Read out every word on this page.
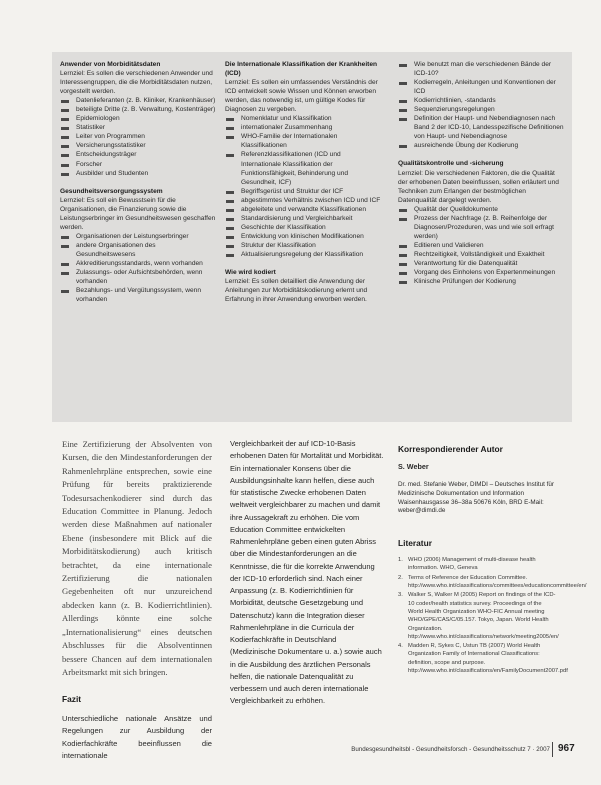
Anwender von Morbiditätsdaten
Lernziel: Es sollen die verschiedenen Anwender und Interessengruppen, die die Morbiditätsdaten nutzen, vorgestellt werden.
Datenlieferanten (z. B. Kliniker, Krankenhäuser)
beteiligte Dritte (z. B. Verwaltung, Kostenträger)
Epidemiologen
Statistiker
Leiter von Programmen
Versicherungsstatistiker
Entscheidungsträger
Forscher
Ausbilder und Studenten
Gesundheitsversorgungssystem
Lernziel: Es soll ein Bewusstsein für die Organisationen, die Finanzierung sowie die Leistungserbringer im Gesundheitswesen geschaffen werden.
Organisationen der Leistungserbringer
andere Organisationen des Gesundheitswesens
Akkreditierungsstandards, wenn vorhanden
Zulassungs- oder Aufsichtsbehörden, wenn vorhanden
Bezahlungs- und Vergütungssystem, wenn vorhanden
Die Internationale Klassifikation der Krankheiten (ICD)
Lernziel: Es sollen ein umfassendes Verständnis der ICD entwickelt sowie Wissen und Können erworben werden, das notwendig ist, um gültige Kodes für Diagnosen zu vergeben.
Nomenklatur und Klassifikation
internationaler Zusammenhang
WHO-Familie der Internationalen Klassifikationen
Referenzklassifikationen (ICD und Internationale Klassifikation der Funktionsfähigkeit, Behinderung und Gesundheit, ICF)
Begriffsgerüst und Struktur der ICF
abgestimmtes Verhältnis zwischen ICD und ICF
abgeleitete und verwandte Klassifikationen
Standardisierung und Vergleichbarkeit
Geschichte der Klassifikation
Entwicklung von klinischen Modifikationen
Struktur der Klassifikation
Aktualisierungsregelung der Klassifikation
Wie wird kodiert
Lernziel: Es sollen detailliert die Anwendung der Anleitungen zur Morbiditätskodierung erlernt und Erfahrung in ihrer Anwendung erworben werden.
Wie benutzt man die verschiedenen Bände der ICD-10?
Kodierregeln, Anleitungen und Konventionen der ICD
Kodierrichtlinien, -standards
Sequenzierungsregelungen
Definition der Haupt- und Nebendiagnosen nach Band 2 der ICD-10, Landesspezifische Definitionen von Haupt- und Nebendiagnose
ausreichende Übung der Kodierung
Qualitätskontrolle und -sicherung
Lernziel: Die verschiedenen Faktoren, die die Qualität der erhobenen Daten beeinflussen, sollen erläutert und Techniken zum Erlangen der bestmöglichen Datenqualität dargelegt werden.
Qualität der Quelldokumente
Prozess der Nachfrage (z. B. Reihenfolge der Diagnosen/Prozeduren, was und wie soll erfragt werden)
Editieren und Validieren
Rechtzeitigkeit, Vollständigkeit und Exaktheit
Verantwortung für die Datenqualität
Vorgang des Einholens von Expertenmeinungen
Klinische Prüfungen der Kodierung
Eine Zertifizierung der Absolventen von Kursen, die den Mindestanforderungen der Rahmenlehrpläne entsprechen, sowie eine Prüfung für bereits praktizierende Todesursachenkodierer sind durch das Education Committee in Planung. Jedoch werden diese Maßnahmen auf nationaler Ebene (insbesondere mit Blick auf die Morbiditätskodierung) auch kritisch betrachtet, da eine internationale Zertifizierung die nationalen Gegebenheiten oft nur unzureichend abdecken kann (z. B. Kodierrichtlinien). Allerdings könnte eine solche „Internationalisierung“ eines deutschen Abschlusses für die Absolventinnen bessere Chancen auf dem internationalen Arbeitsmarkt mit sich bringen.
Fazit
Unterschiedliche nationale Ansätze und Regelungen zur Ausbildung der Kodierfachkräfte beeinflussen die internationale
Vergleichbarkeit der auf ICD-10-Basis erhobenen Daten für Mortalität und Morbidität. Ein internationaler Konsens über die Ausbildungsinhalte kann helfen, diese auch für statistische Zwecke erhobenen Daten weltweit vergleichbarer zu machen und damit ihre Aussagekraft zu erhöhen. Die vom Education Committee entwickelten Rahmenlehrpläne geben einen guten Abriss über die Mindestanforderungen an die Kenntnisse, die für die korrekte Anwendung der ICD-10 erforderlich sind. Nach einer Anpassung (z. B. Kodierrichtlinien für Morbidität, deutsche Gesetzgebung und Datenschutz) kann die Integration dieser Rahmenlehrpläne in die Curricula der Kodierfachkräfte in Deutschland (Medizinische Dokumentare u. a.) sowie auch in die Ausbildung des ärztlichen Personals helfen, die nationale Datenqualität zu verbessern und auch deren internationale Vergleichbarkeit zu erhöhen.
Korrespondierender Autor
S. Weber
Dr. med. Stefanie Weber, DIMDI – Deutsches Institut für Medizinische Dokumentation und Information Waisenhausgasse 36–38a 50676 Köln, BRD E-Mail: weber@dimdi.de
Literatur
1. WHO (2006) Management of multi-disease health information. WHO, Geneva
2. Terms of Reference der Education Committee. http://www.who.int/classifications/committees/educationcommittee/en/
3. Walker S, Walker M (2005) Report on findings of the ICD-10 coder/health statistics survey. Proceedings of the World Health Organization WHO-FIC Annual meeting WHO/GPE/CAS/C/05.157. Tokyo, Japan. World Health Organization. http://www.who.int/classifications/network/meeting2005/en/
4. Madden R, Sykes C, Ustun TB (2007) World Health Organization Family of International Classifications: definition, scope and purpose. http://www.who.int/classifications/en/FamilyDocument2007.pdf
Bundesgesundheitsbl - Gesundheitsforsch - Gesundheitsschutz 7 · 2007 967
